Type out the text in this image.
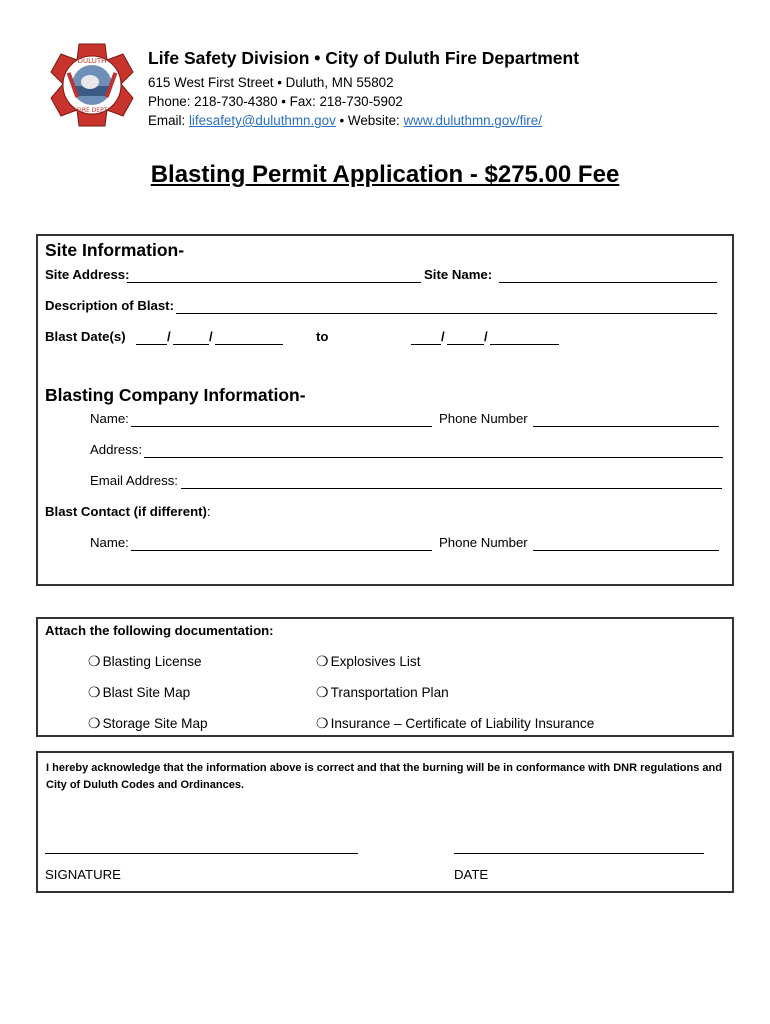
DULUTH
FIRE DEPT
Life Safety Division • City of Duluth Fire Department
615 West First Street • Duluth, MN 55802
Phone: 218-730-4380 • Fax: 218-730-5902
Email: lifesafety@duluthmn.gov • Website: www.duluthmn.gov/fire/
Blasting Permit Application - $275.00 Fee
Site Information-
Site Address:	Site Name:
Description of Blast:
Blast Date(s)	/	/	to	/	/
Blasting Company Information-
Name:	Phone Number
Address:
Email Address:
Blast Contact (if different):
Name:	Phone Number
Attach the following documentation:
❍ Blasting License
❍ Blast Site Map
❍ Storage Site Map
❍ Explosives List
❍ Transportation Plan
❍ Insurance – Certificate of Liability Insurance
I hereby acknowledge that the information above is correct and that the burning will be in conformance with DNR regulations and City of Duluth Codes and Ordinances.
SIGNATURE	DATE
